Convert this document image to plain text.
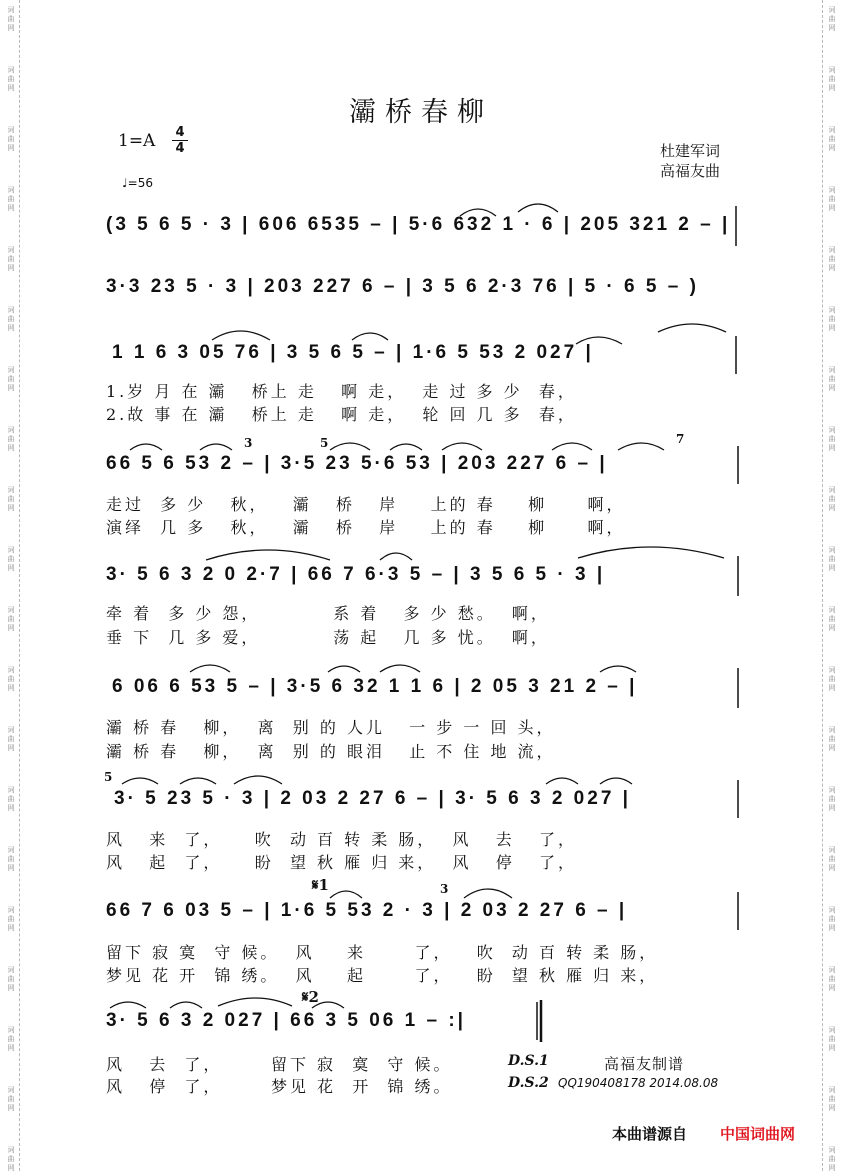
词
曲
网
词
曲
网
词
曲
网
词
曲
网
词
曲
网
词
曲
网
词
曲
网
词
曲
网
词
曲
网
词
曲
网
词
曲
网
词
曲
网
词
曲
网
词
曲
网
词
曲
网
词
曲
网
词
曲
网
词
曲
网
词
曲
网
词
曲
网
词
曲
网
词
曲
网
词
曲
网
词
曲
网
词
曲
网
词
曲
网
词
曲
网
词
曲
网
词
曲
网
词
曲
网
词
曲
网
词
曲
网
词
曲
网
词
曲
网
词
曲
网
词
曲
网
词
曲
网
词
曲
网
词
曲
网
词
曲
网
灞桥春柳
1=A 4
4
♩=56
杜建军词
高福友曲
(3 5 6 5 · 3 | 606 6535 – | 5·6 632 1 · 6 | 205 321 2 – |
3·3 23 5 · 3 | 203 227 6 – | 3 5 6 2·3 76 | 5 · 6 5 – )
1 1 6 3 05 76 | 3 5 6 5 – | 1·6 5 53 2 027 |
1.岁 月 在 灞   桥上 走   啊 走，  走 过 多 少  春，
2.故 事 在 灞   桥上 走   啊 走，  轮 回 几 多  春，
66 5 6 53 2 – | 3·5 23 5·6 53 | 203 227 6 – |
走过  多 少   秋，   灞   桥   岸    上的 春    柳     啊，
演绎  几 多   秋，   灞   桥   岸    上的 春    柳     啊，
3· 5 6 3 2 0 2·7 | 66 7 6·3 5 – | 3 5 6 5 · 3 |
牵 着  多 少 怨，         系 着   多 少 愁。  啊，
垂 下  几 多 爱，         荡 起   几 多 忧。  啊，
6 06 6 53 5 – | 3·5 6 32 1 1 6 | 2 05 3 21 2 – |
灞 桥 春   柳，  离  别 的 人儿   一 步 一 回 头，
灞 桥 春   柳，  离  别 的 眼泪   止 不 住 地 流，
3· 5 23 5 · 3 | 2 03 2 27 6 – | 3· 5 6 3 2 027 |
风   来  了，    吹  动 百 转 柔 肠，  风   去   了，
风   起  了，    盼  望 秋 雁 归 来，  风   停   了，
66 7 6 03 5 – | 1·6 5 53 2 · 3 | 2 03 2 27 6 – |
留下 寂 寞  守 候。  风    来      了，   吹  动 百 转 柔 肠，
梦见 花 开  锦 绣。  风    起      了，   盼  望 秋 雁 归 来，
3· 5 6 3 2 027 | 66 3 5 06 1 – :|
风   去  了，      留下 寂  寞  守 候。
风   停  了，      梦见 花  开  锦 绣。
3	5	7
5
3
𝄋1
𝄋2
D.S.1
D.S.2
高福友制谱
QQ190408178 2014.08.08
本曲谱源自 中国词曲网
